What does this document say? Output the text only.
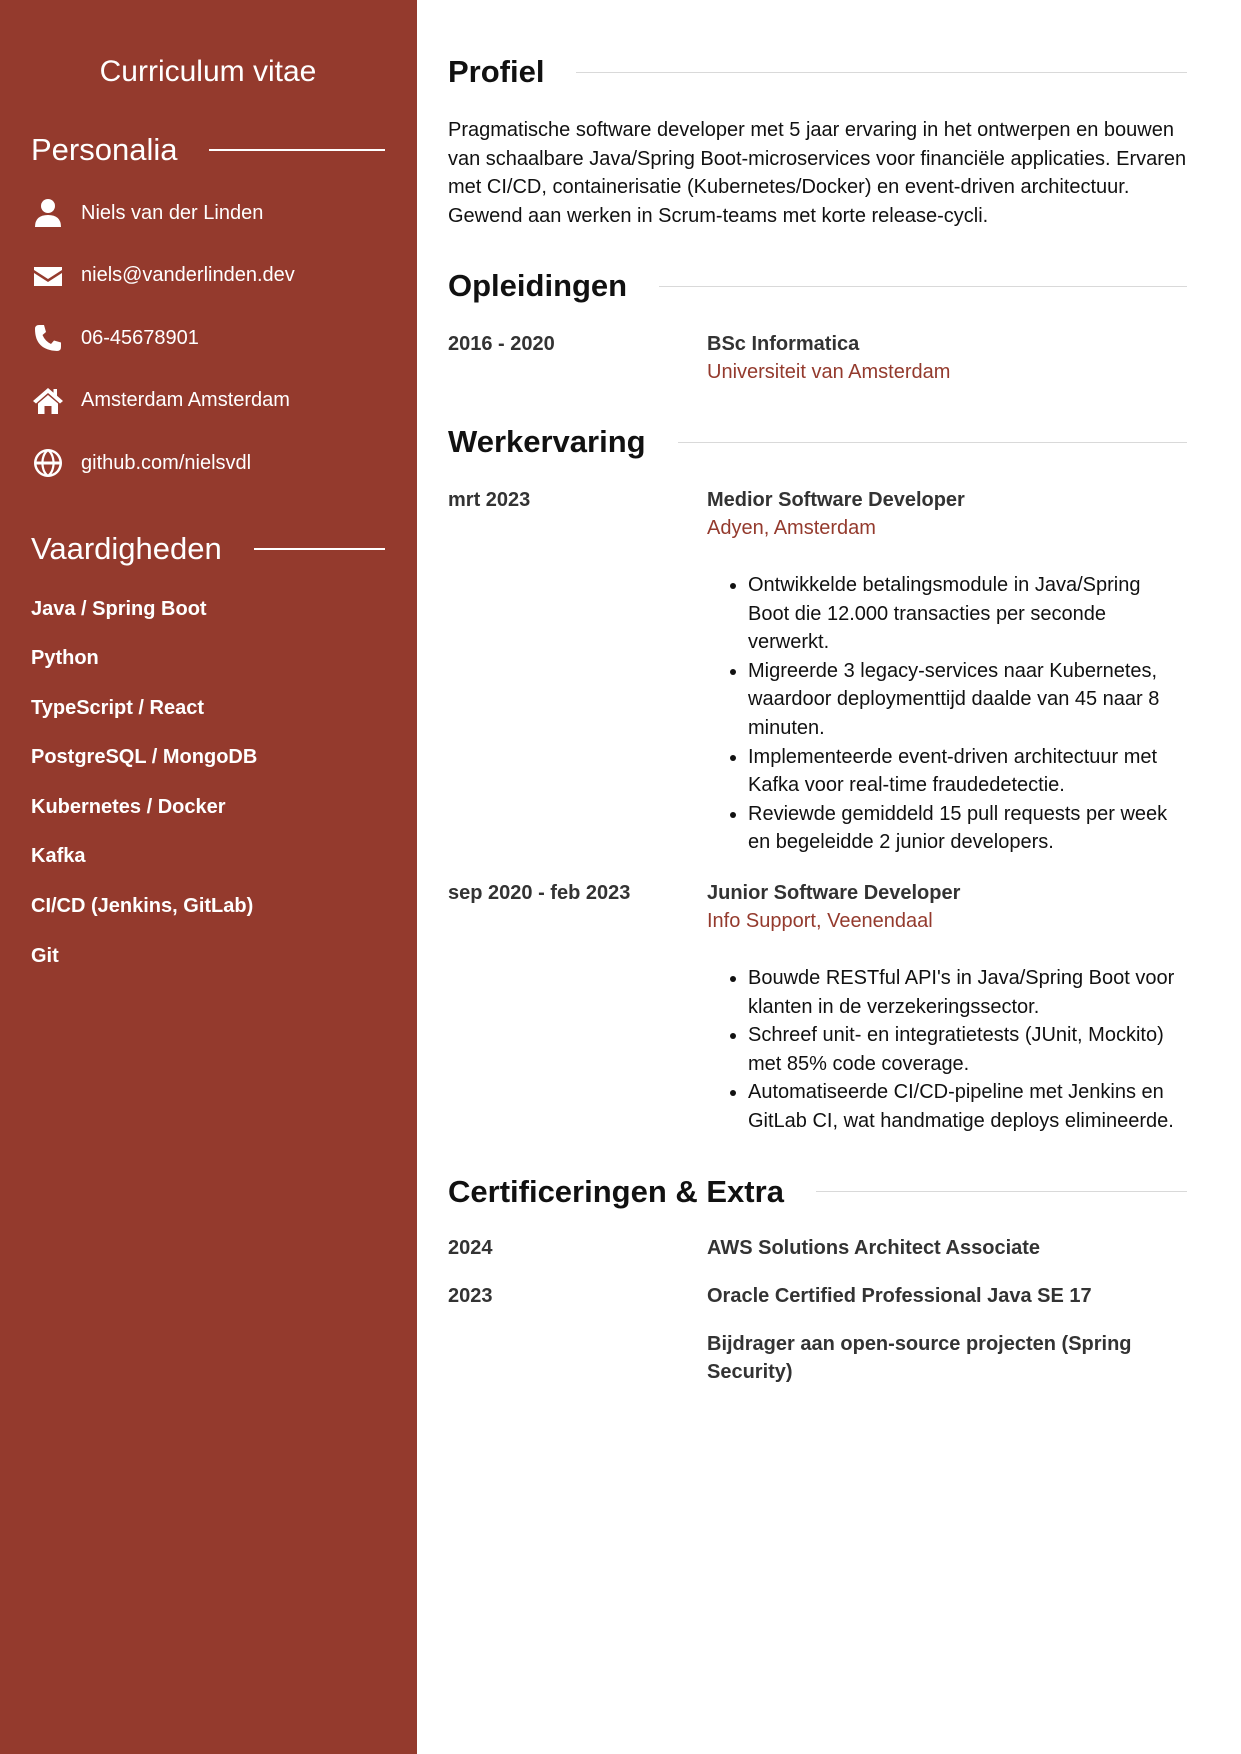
Curriculum vitae
Personalia
Niels van der Linden
niels@vanderlinden.dev
06-45678901
Amsterdam Amsterdam
github.com/nielsvdl
Vaardigheden
Java / Spring Boot
Python
TypeScript / React
PostgreSQL / MongoDB
Kubernetes / Docker
Kafka
CI/CD (Jenkins, GitLab)
Git
Profiel

Pragmatische software developer met 5 jaar ervaring in het ontwerpen en bouwen van schaalbare Java/Spring Boot-microservices voor financiële applicaties. Ervaren met CI/CD, containerisatie (Kubernetes/Docker) en event-driven architectuur. Gewend aan werken in Scrum-teams met korte release-cycli.

Opleidingen
2016 - 2020	BSc Informatica
Universiteit van Amsterdam
Werkervaring
mrt 2023	Medior Software Developer
Adyen, Amsterdam
• Ontwikkelde betalingsmodule in Java/Spring Boot die 12.000 transacties per seconde verwerkt.
• Migreerde 3 legacy-services naar Kubernetes, waardoor deploymenttijd daalde van 45 naar 8 minuten.
• Implementeerde event-driven architectuur met Kafka voor real-time fraudedetectie.
• Reviewde gemiddeld 15 pull requests per week en begeleidde 2 junior developers.
sep 2020 - feb 2023	Junior Software Developer
Info Support, Veenendaal
• Bouwde RESTful API's in Java/Spring Boot voor klanten in de verzekeringssector.
• Schreef unit- en integratietests (JUnit, Mockito) met 85% code coverage.
• Automatiseerde CI/CD-pipeline met Jenkins en GitLab CI, wat handmatige deploys elimineerde.
Certificeringen & Extra
2024	AWS Solutions Architect Associate
2023	Oracle Certified Professional Java SE 17
Bijdrager aan open-source projecten (Spring Security)
